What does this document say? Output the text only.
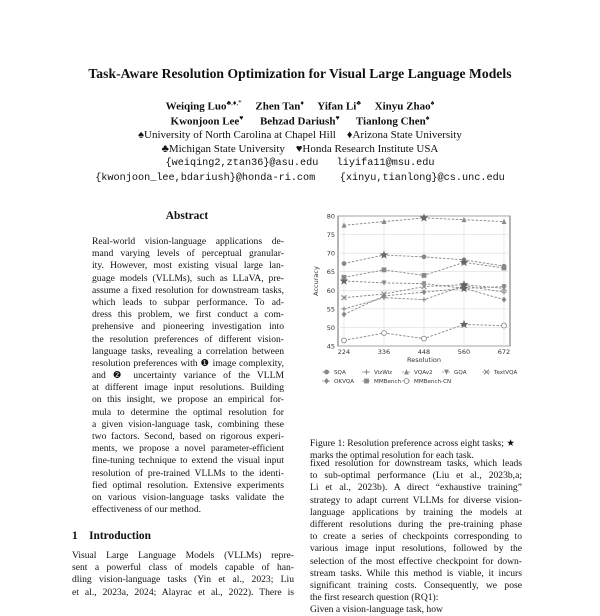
Task-Aware Resolution Optimization for Visual Large Language Models
Weiqing Luo♣,♦,* Zhen Tan♦ Yifan Li♣ Xinyu Zhao♠
Kwonjoon Lee♥ Behzad Dariush♥ Tianlong Chen♠
♠University of North Carolina at Chapel Hill    ♦Arizona State University
♣Michigan State University    ♥Honda Research Institute USA
{weiqing2,ztan36}@asu.edu   liyifa11@msu.edu
{kwonjoon_lee,bdariush}@honda-ri.com    {xinyu,tianlong}@cs.unc.edu
Abstract
Real-world vision-language applications de-
mand varying levels of perceptual granular-
ity. However, most existing visual large lan-
guage models (VLLMs), such as LLaVA, pre-
assume a fixed resolution for downstream tasks,
which leads to subpar performance. To ad-
dress this problem, we first conduct a com-
prehensive and pioneering investigation into
the resolution preferences of different vision-
language tasks, revealing a correlation between
resolution preferences with ❶ image complexity,
and ❷ uncertainty variance of the VLLM
at different image input resolutions. Building
on this insight, we propose an empirical for-
mula to determine the optimal resolution for
a given vision-language task, combining these
two factors. Second, based on rigorous experi-
ments, we propose a novel parameter-efficient
fine-tuning technique to extend the visual input
resolution of pre-trained VLLMs to the identi-
fied optimal resolution. Extensive experiments
on various vision-language tasks validate the
effectiveness of our method.
1 Introduction
Visual Large Language Models (VLLMs) repre-
sent a powerful class of models capable of han-
dling vision-language tasks (Yin et al., 2023; Liu
et al., 2023a, 2024; Alayrac et al., 2022). There is
45
50
55
60
65
70
75
80
224	336	448	560	672
Resolution
Accuracy
SQA	VizWiz	VQAv2	GQA	TextVQA
OKVQA	MMBench MMBench-CN
Figure 1: Resolution preference across eight tasks; ★
marks the optimal resolution for each task.
fixed resolution for downstream tasks, which leads
to sub-optimal performance (Liu et al., 2023b,a;
Li et al., 2023b). A direct “exhaustive training”
strategy to adapt current VLLMs for diverse vision-
language applications by training the models at
different resolutions during the pre-training phase
to create a series of checkpoints corresponding to
various image input resolutions, followed by the
selection of the most effective checkpoint for down-
stream tasks. While this method is viable, it incurs
significant training costs. Consequently, we pose
the first research question (RQ1):
Given a vision-language task, how
